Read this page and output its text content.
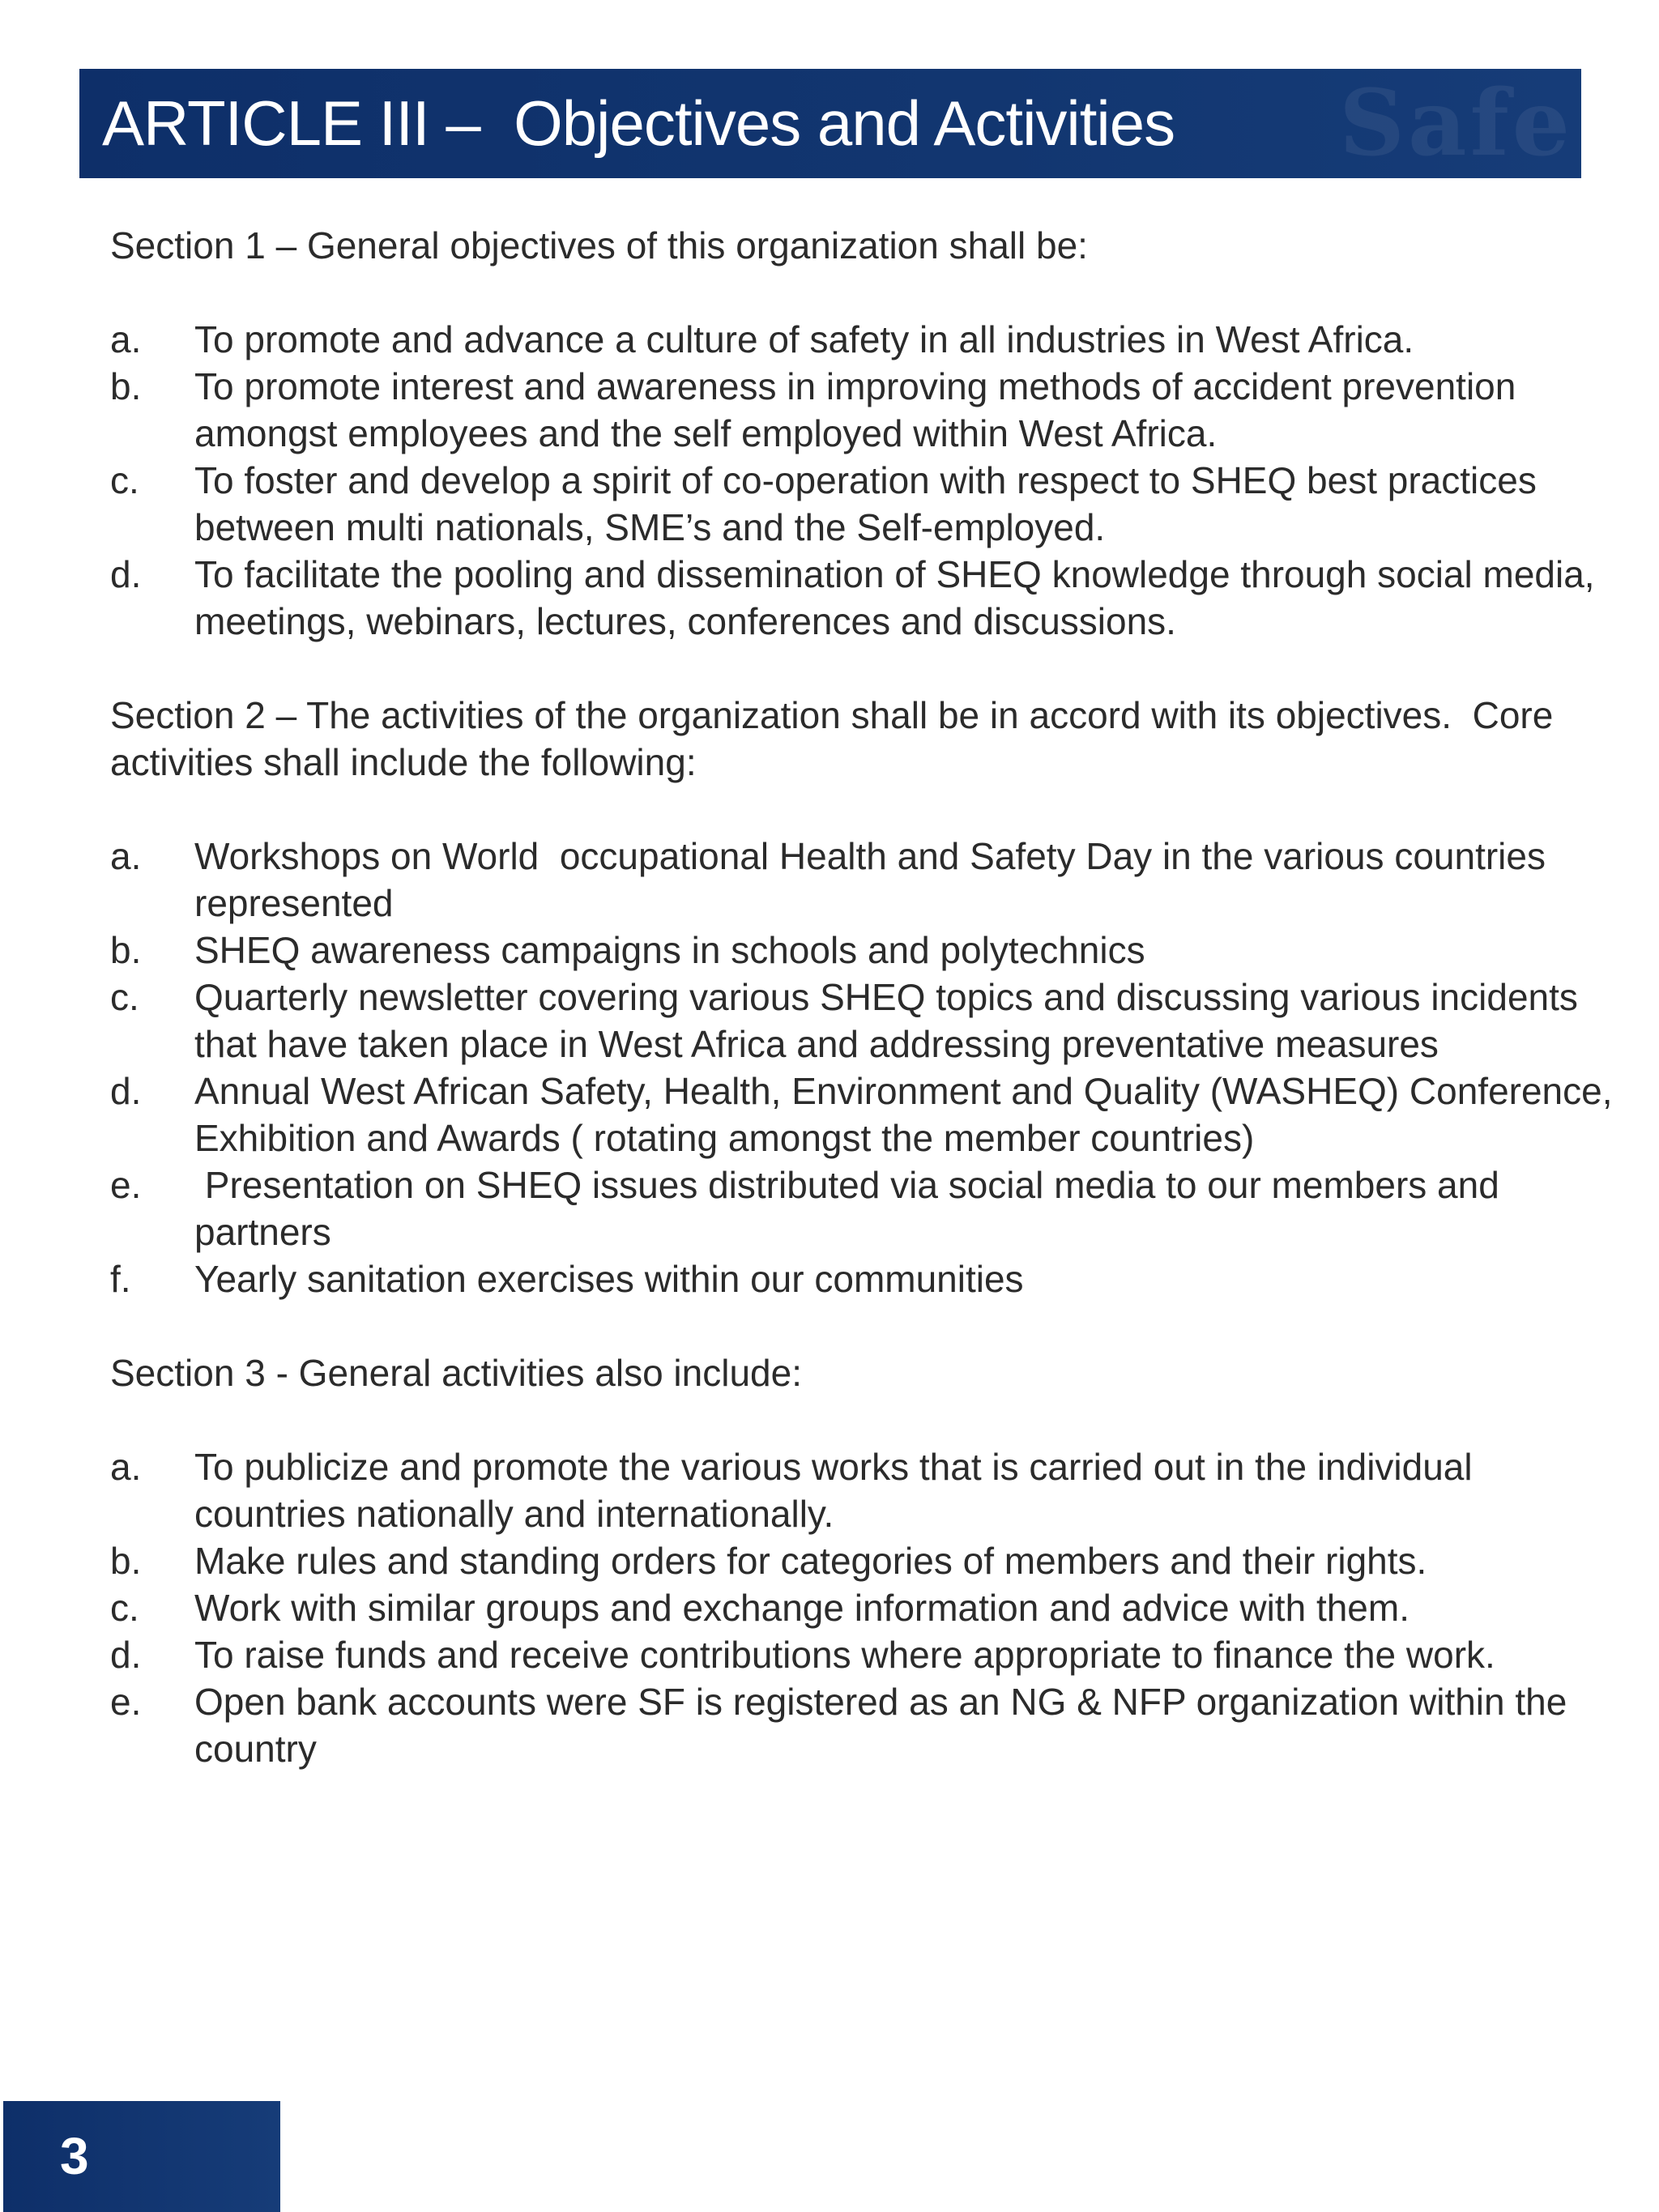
Safe
ARTICLE III –  Objectives and Activities

Section 1 – General objectives of this organization shall be:

a.	To promote and advance a culture of safety in all industries in West Africa.
b.	To promote interest and awareness in improving methods of accident prevention amongst employees and the self employed within West Africa.
c.	To foster and develop a spirit of co-operation with respect to SHEQ best practices between multi nationals, SME’s and the Self-employed.
d.	To facilitate the pooling and dissemination of SHEQ knowledge through social media, meetings, webinars, lectures, conferences and discussions.

Section 2 – The activities of the organization shall be in accord with its objectives.  Core activities shall include the following:

a.	Workshops on World  occupational Health and Safety Day in the various countries represented
b.	SHEQ awareness campaigns in schools and polytechnics
c.	Quarterly newsletter covering various SHEQ topics and discussing various incidents that have taken place in West Africa and addressing preventative measures
d.	Annual West African Safety, Health, Environment and Quality (WASHEQ) Conference, Exhibition and Awards ( rotating amongst the member countries)
e.	Presentation on SHEQ issues distributed via social media to our members and partners
f.	Yearly sanitation exercises within our communities

Section 3 - General activities also include:

a.	To publicize and promote the various works that is carried out in the individual countries nationally and internationally.
b.	Make rules and standing orders for categories of members and their rights.
c.	Work with similar groups and exchange information and advice with them.
d.	To raise funds and receive contributions where appropriate to finance the work.
e.	Open bank accounts were SF is registered as an NG & NFP organization within the country
3
